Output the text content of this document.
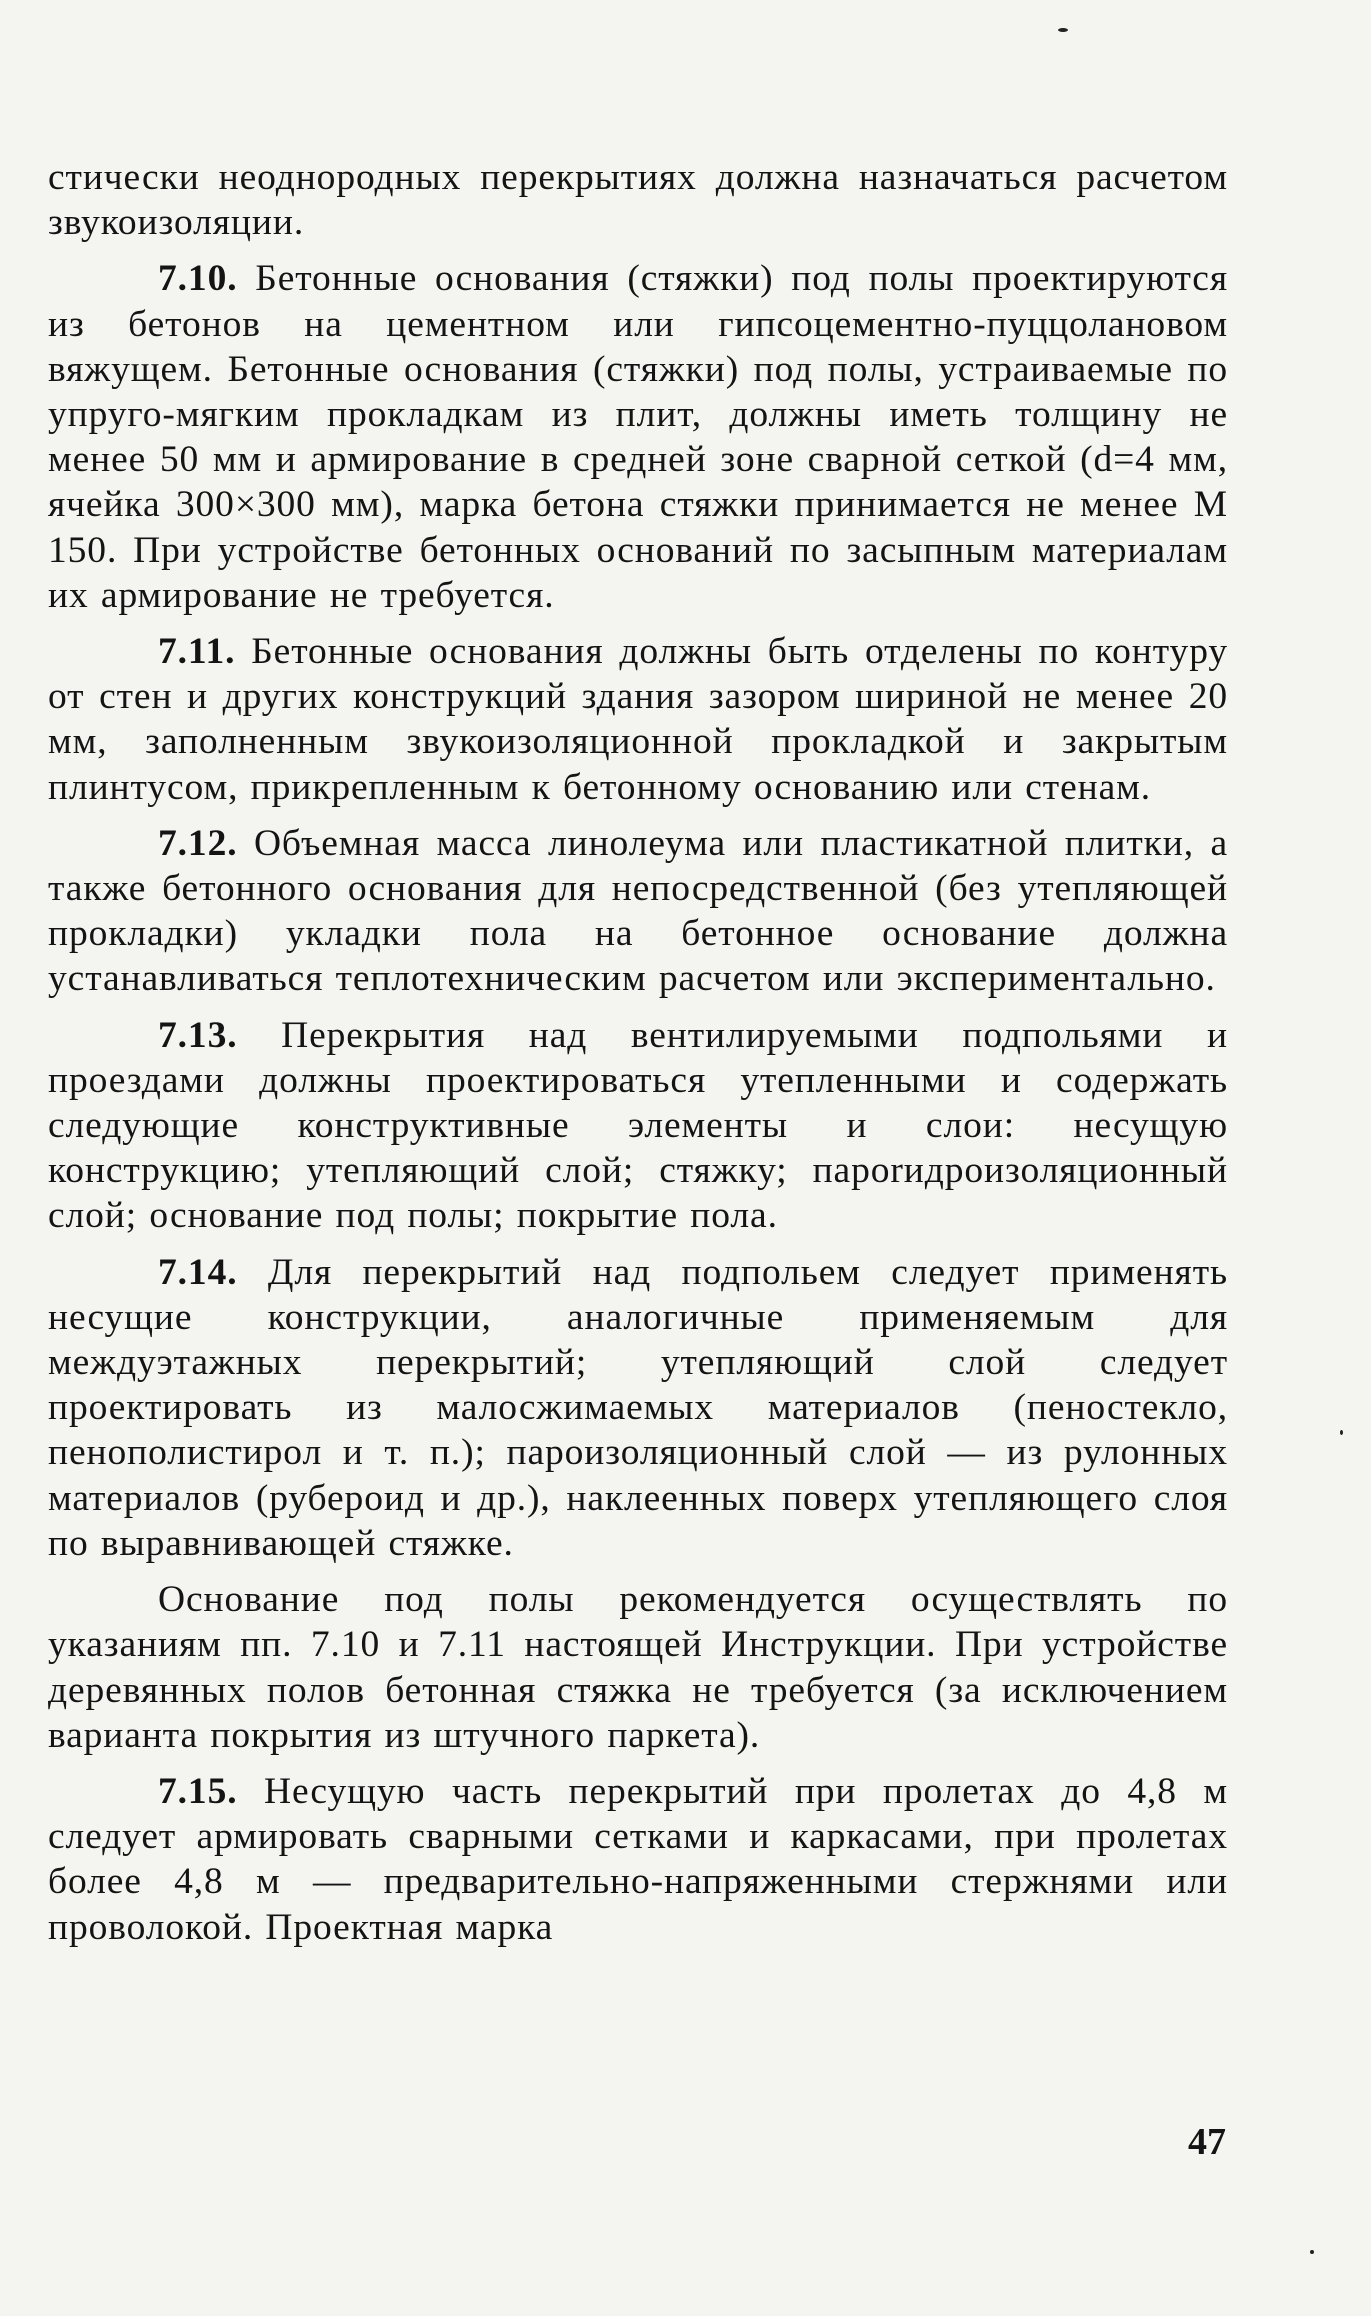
стически неоднородных перекрытиях должна назначаться расчетом звукоизоляции.

7.10. Бетонные основания (стяжки) под полы проектируются из бетонов на цементном или гипсоцементно-пуццолановом вяжущем. Бетонные основания (стяжки) под полы, устраиваемые по упруго-мягким прокладкам из плит, должны иметь толщину не менее 50 мм и армирование в средней зоне сварной сеткой (d=4 мм, ячейка 300×300 мм), марка бетона стяжки принимается не менее М 150. При устройстве бетонных оснований по засыпным материалам их армирование не требуется.

7.11. Бетонные основания должны быть отделены по контуру от стен и других конструкций здания зазором шириной не менее 20 мм, заполненным звукоизоляционной прокладкой и закрытым плинтусом, прикрепленным к бетонному основанию или стенам.

7.12. Объемная масса линолеума или пластикатной плитки, а также бетонного основания для непосредственной (без утепляющей прокладки) укладки пола на бетонное основание должна устанавливаться теплотехническим расчетом или экспериментально.

7.13. Перекрытия над вентилируемыми подпольями и проездами должны проектироваться утепленными и содержать следующие конструктивные элементы и слои: несущую конструкцию; утепляющий слой; стяжку; пароrидроизоляционный слой; основание под полы; покрытие пола.

7.14. Для перекрытий над подпольем следует применять несущие конструкции, аналогичные применяемым для междуэтажных перекрытий; утепляющий слой следует проектировать из малосжимаемых материалов (пеностекло, пенополистирол и т. п.); пароизоляционный слой — из рулонных материалов (рубероид и др.), наклеенных поверх утепляющего слоя по выравнивающей стяжке.

Основание под полы рекомендуется осуществлять по указаниям пп. 7.10 и 7.11 настоящей Инструкции. При устройстве деревянных полов бетонная стяжка не требуется (за исключением варианта покрытия из штучного паркета).

7.15. Несущую часть перекрытий при пролетах до 4,8 м следует армировать сварными сетками и каркасами, при пролетах более 4,8 м — предварительно-напряженными стержнями или проволокой. Проектная марка

47
